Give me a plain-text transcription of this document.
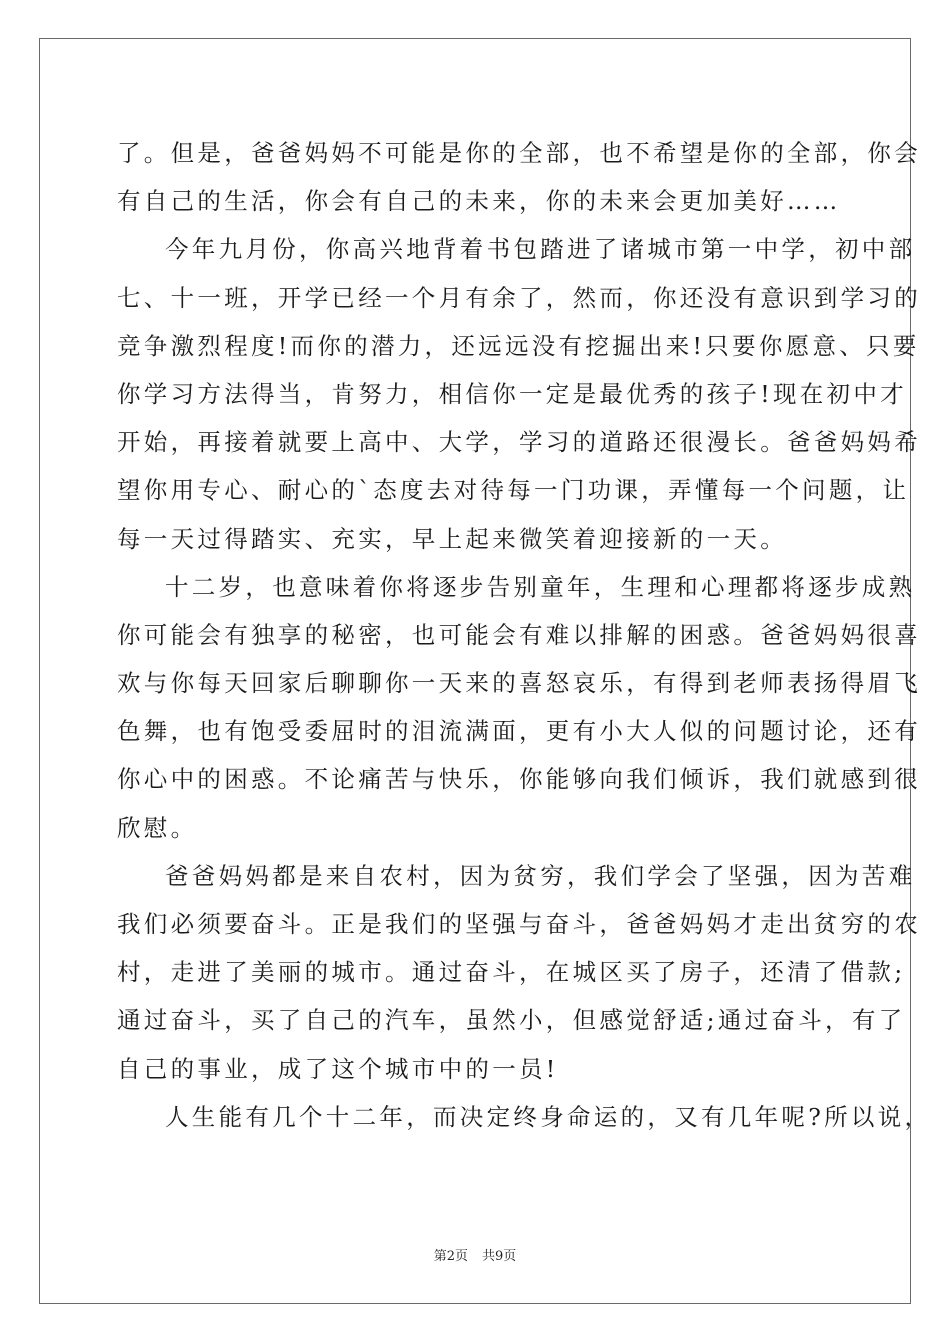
了。但是，爸爸妈妈不可能是你的全部，也不希望是你的全部，你会
有自己的生活，你会有自己的未来，你的未来会更加美好……
今年九月份，你高兴地背着书包踏进了诸城市第一中学，初中部
七、十一班，开学已经一个月有余了，然而，你还没有意识到学习的
竞争激烈程度!而你的潜力，还远远没有挖掘出来!只要你愿意、只要
你学习方法得当，肯努力，相信你一定是最优秀的孩子!现在初中才
开始，再接着就要上高中、大学，学习的道路还很漫长。爸爸妈妈希
望你用专心、耐心的`态度去对待每一门功课，弄懂每一个问题，让
每一天过得踏实、充实，早上起来微笑着迎接新的一天。
十二岁，也意味着你将逐步告别童年，生理和心理都将逐步成熟
你可能会有独享的秘密，也可能会有难以排解的困惑。爸爸妈妈很喜
欢与你每天回家后聊聊你一天来的喜怒哀乐，有得到老师表扬得眉飞
色舞，也有饱受委屈时的泪流满面，更有小大人似的问题讨论，还有
你心中的困惑。不论痛苦与快乐，你能够向我们倾诉，我们就感到很
欣慰。
爸爸妈妈都是来自农村，因为贫穷，我们学会了坚强，因为苦难
我们必须要奋斗。正是我们的坚强与奋斗，爸爸妈妈才走出贫穷的农
村，走进了美丽的城市。通过奋斗，在城区买了房子，还清了借款;
通过奋斗，买了自己的汽车，虽然小，但感觉舒适;通过奋斗，有了
自己的事业，成了这个城市中的一员!
人生能有几个十二年，而决定终身命运的，又有几年呢?所以说，
第2页 共9页
